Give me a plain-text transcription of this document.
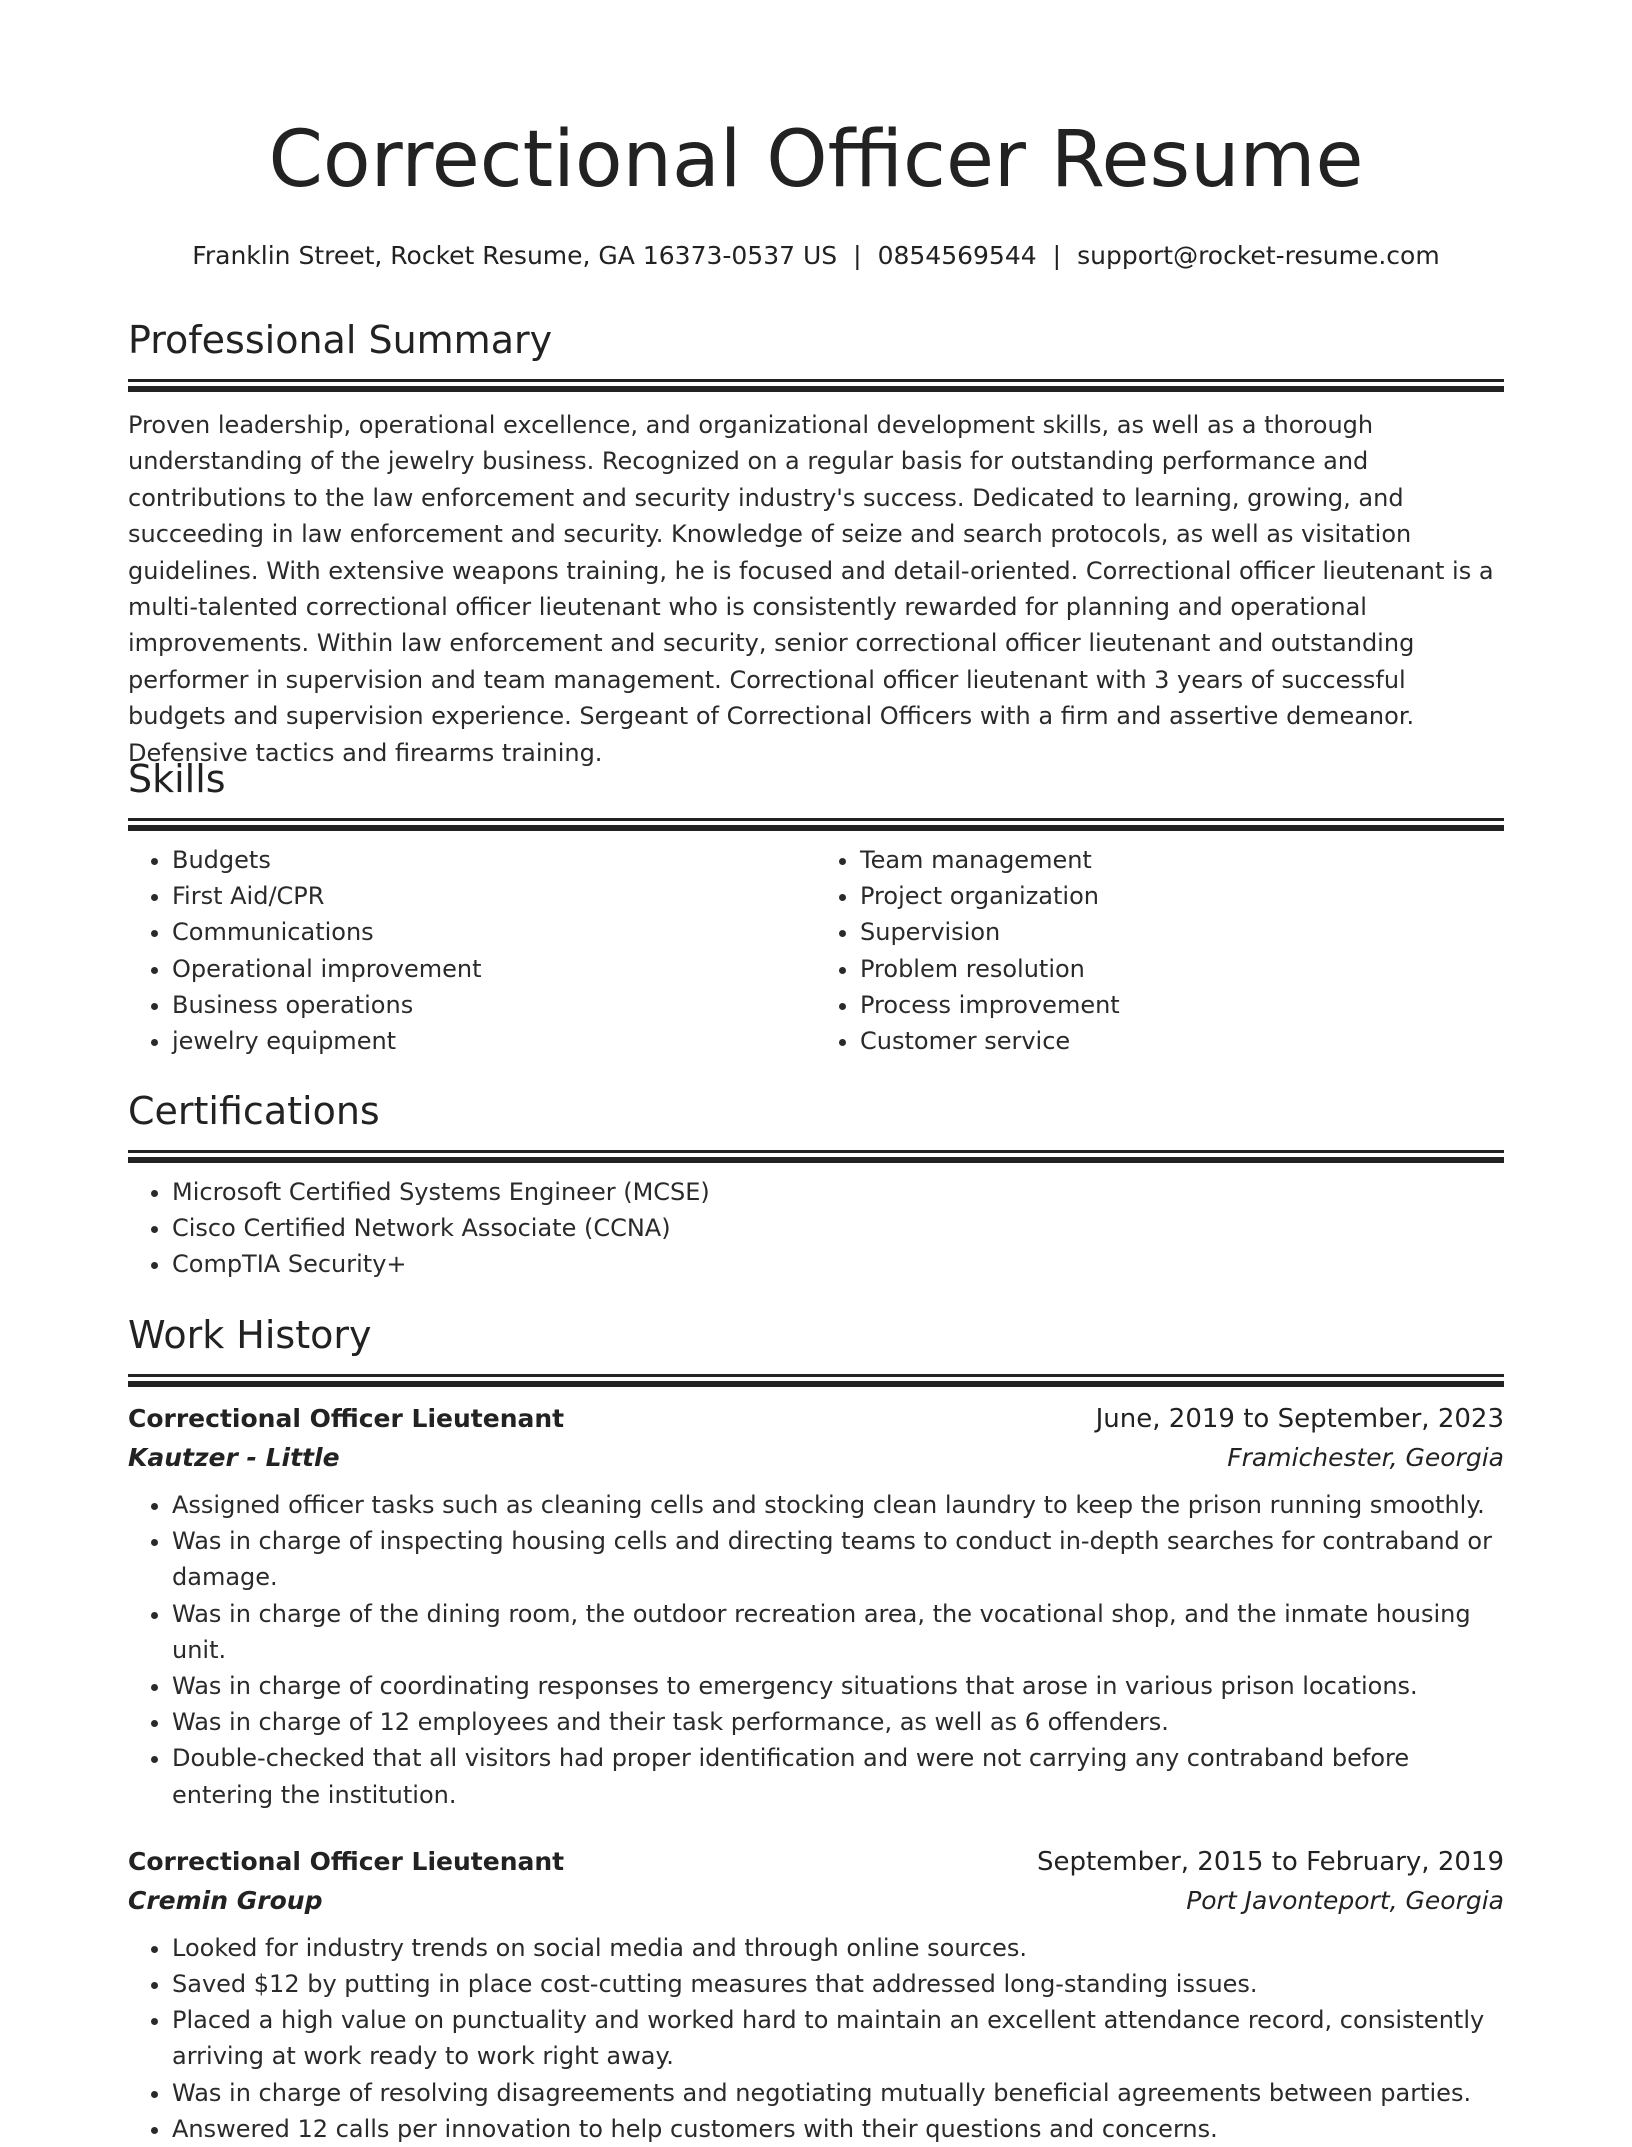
Correctional Officer Resume
Franklin Street, Rocket Resume, GA 16373-0537 US | 0854569544 | support@rocket-resume.com
Professional Summary

Proven leadership, operational excellence, and organizational development skills, as well as a thorough understanding of the jewelry business. Recognized on a regular basis for outstanding performance and contributions to the law enforcement and security industry's success. Dedicated to learning, growing, and succeeding in law enforcement and security. Knowledge of seize and search protocols, as well as visitation guidelines. With extensive weapons training, he is focused and detail-oriented. Correctional officer lieutenant is a multi-talented correctional officer lieutenant who is consistently rewarded for planning and operational improvements. Within law enforcement and security, senior correctional officer lieutenant and outstanding performer in supervision and team management. Correctional officer lieutenant with 3 years of successful budgets and supervision experience. Sergeant of Correctional Officers with a firm and assertive demeanor. Defensive tactics and firearms training.

Skills
• Budgets
• First Aid/CPR
• Communications
• Operational improvement
• Business operations
• jewelry equipment
• Team management
• Project organization
• Supervision
• Problem resolution
• Process improvement
• Customer service
Certifications
• Microsoft Certified Systems Engineer (MCSE)
• Cisco Certified Network Associate (CCNA)
• CompTIA Security+
Work History
Correctional Officer Lieutenant	June, 2019 to September, 2023
Kautzer - Little	Framichester, Georgia
• Assigned officer tasks such as cleaning cells and stocking clean laundry to keep the prison running smoothly.
• Was in charge of inspecting housing cells and directing teams to conduct in-depth searches for contraband or damage.
• Was in charge of the dining room, the outdoor recreation area, the vocational shop, and the inmate housing unit.
• Was in charge of coordinating responses to emergency situations that arose in various prison locations.
• Was in charge of 12 employees and their task performance, as well as 6 offenders.
• Double-checked that all visitors had proper identification and were not carrying any contraband before entering the institution.
Correctional Officer Lieutenant	September, 2015 to February, 2019
Cremin Group	Port Javonteport, Georgia
• Looked for industry trends on social media and through online sources.
• Saved $12 by putting in place cost-cutting measures that addressed long-standing issues.
• Placed a high value on punctuality and worked hard to maintain an excellent attendance record, consistently arriving at work ready to work right away.
• Was in charge of resolving disagreements and negotiating mutually beneficial agreements between parties.
• Answered 12 calls per innovation to help customers with their questions and concerns.
